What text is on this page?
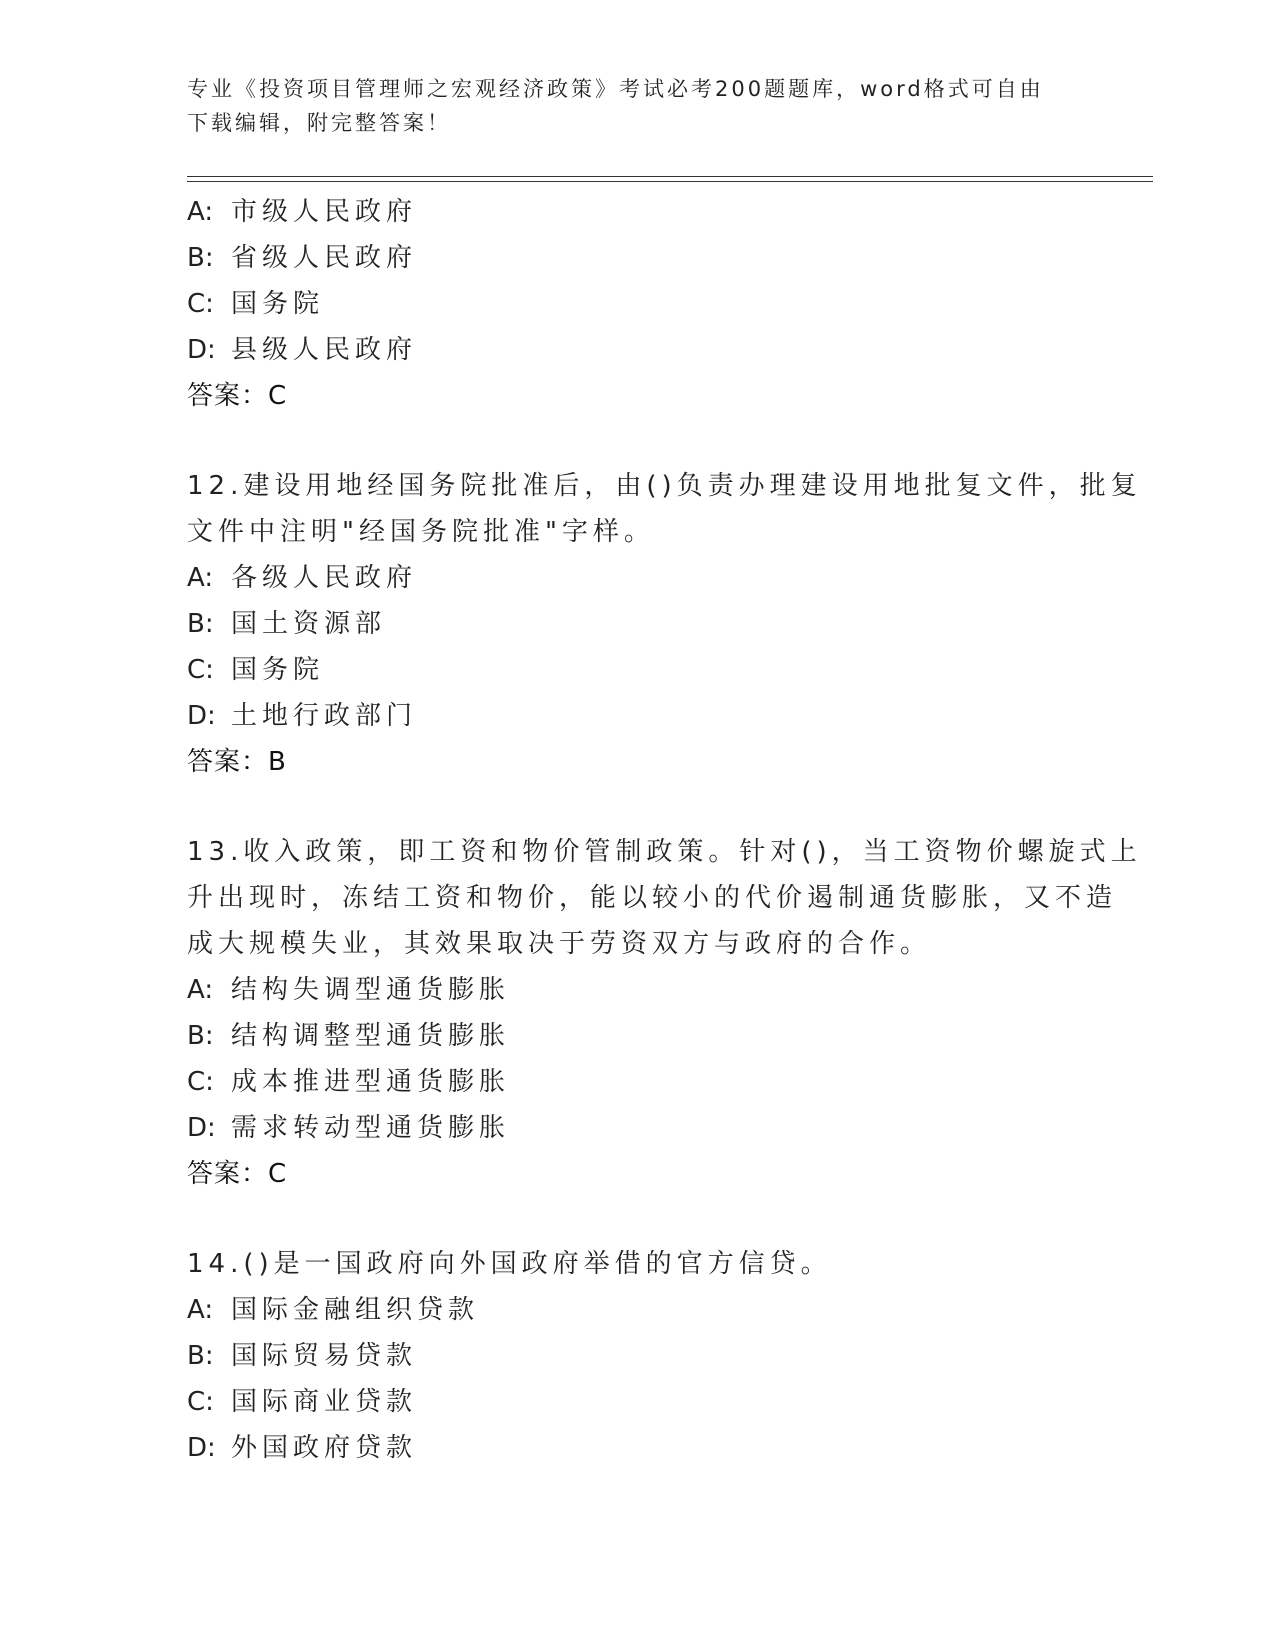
专业《投资项目管理师之宏观经济政策》考试必考200题题库，word格式可自由
下载编辑，附完整答案！
A: 市级人民政府
B: 省级人民政府
C: 国务院
D: 县级人民政府
答案：C
12.建设用地经国务院批准后，由()负责办理建设用地批复文件，批复
文件中注明"经国务院批准"字样。
A: 各级人民政府
B: 国土资源部
C: 国务院
D: 土地行政部门
答案：B
13.收入政策，即工资和物价管制政策。针对()，当工资物价螺旋式上
升出现时，冻结工资和物价，能以较小的代价遏制通货膨胀，又不造
成大规模失业，其效果取决于劳资双方与政府的合作。
A: 结构失调型通货膨胀
B: 结构调整型通货膨胀
C: 成本推进型通货膨胀
D: 需求转动型通货膨胀
答案：C
14.()是一国政府向外国政府举借的官方信贷。
A: 国际金融组织贷款
B: 国际贸易贷款
C: 国际商业贷款
D: 外国政府贷款
